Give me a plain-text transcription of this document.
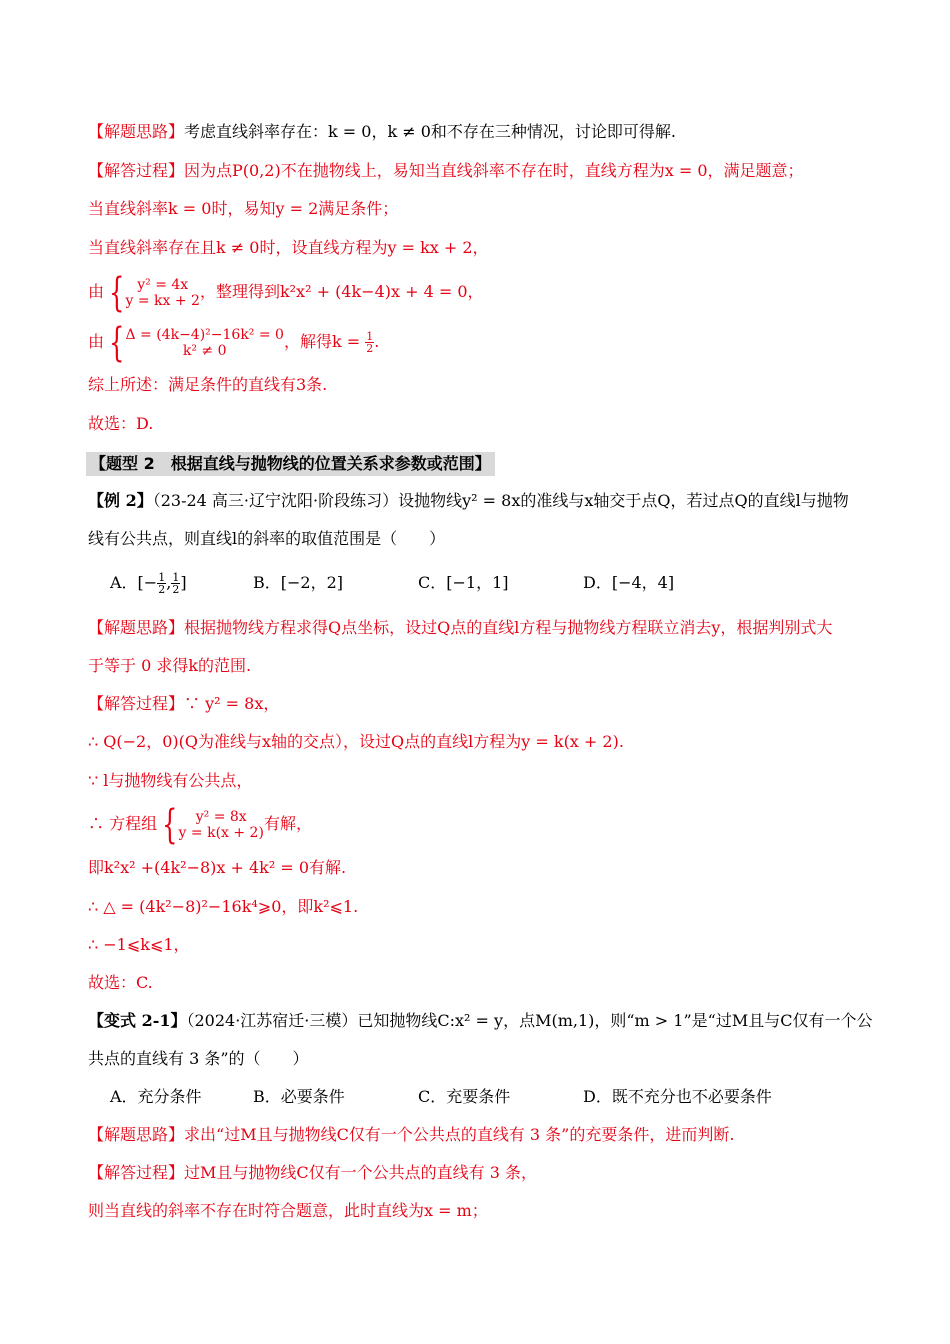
【解题思路】考虑直线斜率存在：k = 0，k ≠ 0和不存在三种情况，讨论即可得解.
【解答过程】因为点P(0,2)不在抛物线上，易知当直线斜率不存在时，直线方程为x = 0，满足题意；
当直线斜率k = 0时，易知y = 2满足条件；
当直线斜率存在且k ≠ 0时，设直线方程为y = kx + 2，
由 { y² = 4x
y = kx + 2 ，整理得到k²x² + (4k−4)x + 4 = 0，
由 { Δ = (4k−4)²−16k² = 0
k² ≠ 0	，解得$k = \frac{1}{2}$ .
综上所述：满足条件的直线有3条.
故选：D.
【题型 2　根据直线与抛物线的位置关系求参数或范围】
【例 2】（23-24 高三·辽宁沈阳·阶段练习）设抛物线y² = 8x的准线与x轴交于点Q，若过点Q的直线l与抛物
线有公共点，则直线l的斜率的取值范围是（　　）
A．[− $\frac{1}{2}$ , $\frac{1}{2}$ ]	B．[−2，2]	C．[−1，1]	D．[−4，4]
【解题思路】根据抛物线方程求得Q点坐标，设过Q点的直线l方程与抛物线方程联立消去y，根据判别式大
于等于 0 求得k的范围.
【解答过程】∵ y² = 8x，
∴ Q(−2，0)(Q为准线与x轴的交点），设过Q点的直线l方程为y = k(x + 2).
∵ l与抛物线有公共点，
∴ 方程组 {	y² = 8x
y = k(x + 2) 有解，
即k²x² +(4k²−8)x + 4k² = 0有解.
∴ △ = (4k²−8)²−16k⁴⩾0，即k²⩽1.
∴ −1⩽k⩽1，
故选：C.
【变式 2-1】（2024·江苏宿迁·三模）已知抛物线C:x² = y，点M(m,1)，则“m > 1”是“过M且与C仅有一个公
共点的直线有 3 条”的（　　）
A．充分条件	B．必要条件	C．充要条件	D．既不充分也不必要条件
【解题思路】求出“过M且与抛物线C仅有一个公共点的直线有 3 条”的充要条件，进而判断.
【解答过程】过M且与抛物线C仅有一个公共点的直线有 3 条，
则当直线的斜率不存在时符合题意，此时直线为x = m；
